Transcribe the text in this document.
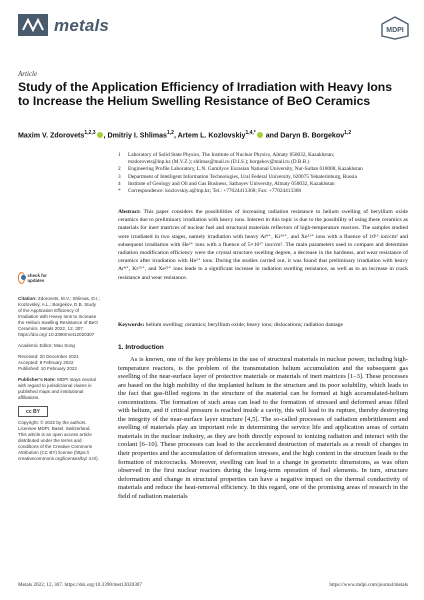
metals	MDPI
Article
Study of the Application Efficiency of Irradiation with Heavy Ions to Increase the Helium Swelling Resistance of BeO Ceramics
Maxim V. Zdorovets$^{1,2,3}$ , Dmitriy I. Shlimas$^{1,2}$, Artem L. Kozlovskiy$^{1,4,*}$ and Daryn B. Borgekov$^{1,2}$
1	Laboratory of Solid State Physics, The Institute of Nuclear Physics, Almaty 050032, Kazakhstan;
mzdorovets@inp.kz (M.V.Z.); shlimas@mail.ru (D.I.S.); borgekov@mail.ru (D.B.B.)
2	Engineering Profile Laboratory, L.N. Gumilyov Eurasian National University, Nur-Sultan 010008, Kazakhstan
3	Department of Intelligent Information Technologies, Ural Federal University, 620075 Yekaterinburg, Russia
4	Institute of Geology and Oil and Gas Business, Satbayev University, Almaty 050032, Kazakhstan
*	Correspondence: kozlovskiy.a@inp.kz; Tel.: +77024413368; Fax: +77024413368
Abstract: This paper considers the possibilities of increasing radiation resistance to helium swelling of beryllium oxide ceramics due to preliminary irradiation with heavy ions. Interest in this topic is due to the possibility of using these ceramics as materials for inert matrices of nuclear fuel and structural materials reflectors of high-temperature reactors. The samples studied were irradiated in two stages, namely irradiation with heavy Ar⁸⁺, Kr¹⁵⁺, and Xe²²⁺ ions with a fluence of 10¹³ ion/cm² and subsequent irradiation with He²⁺ ions with a fluence of 5×10¹⁷ ion/cm². The main parameters used to compare and determine radiation modification efficiency were the crystal structure swelling degree, a decrease in the hardness, and wear resistance of ceramics after irradiation with He²⁺ ions. During the studies carried out, it was found that preliminary irradiation with heavy Ar⁸⁺, Kr¹⁵⁺, and Xe²²⁺ ions leads to a significant increase in radiation swelling resistance, as well as to an increase in crack resistance and wear resistance.
Keywords: helium swelling; ceramics; beryllium oxide; heavy ions; dislocations; radiation damage
check for updates
Citation: Zdorovets, M.V.; Shlimas, D.I.; Kozlovskiy, A.L.; Borgekov, D.B. Study of the Application Efficiency of Irradiation with Heavy Ions to Increase the Helium Swelling Resistance of BeO Ceramics. Metals 2022, 12, 307. https://doi.org/ 10.3390/met12020307
Academic Editor: Mao Song
Received: 20 December 2021
Accepted: 8 February 2022
Published: 10 February 2022
Publisher’s Note: MDPI stays neutral with regard to jurisdictional claims in published maps and institutional affiliations.
cc BY
Copyright: © 2022 by the authors. Licensee MDPI, Basel, Switzerland. This article is an open access article distributed under the terms and conditions of the Creative Commons Attribution (CC BY) license (https:// creativecommons.org/licenses/by/ 4.0/).
1. Introduction
As is known, one of the key problems in the use of structural materials in nuclear power, including high-temperature reactors, is the problem of the transmutation helium accumulation and the subsequent gas swelling of the near-surface layer of protective materials or materials of inert matrices [1–3]. These processes are based on the high mobility of the implanted helium in the structure and its poor solubility, which leads to the fact that gas-filled regions in the structure of the material can be formed at high accumulated-helium concentrations. The formation of such areas can lead to the formation of stressed and deformed areas filled with helium, and if critical pressure is reached inside a cavity, this will lead to its rupture, thereby destroying the integrity of the near-surface layer structure [4,5]. The so-called processes of radiation embrittlement and swelling of materials play an important role in determining the service life and application areas of certain materials in the nuclear industry, as they are both directly exposed to ionizing radiation and interact with the coolant [6–10]. These processes can lead to the accelerated destruction of materials as a result of changes in their properties and the accumulation of deformation stresses, and the high content in the structure leads to the formation of microcracks. Moreover, swelling can lead to a change in geometric dimensions, as was often observed in the first nuclear reactors during the long-term operation of fuel elements. In turn, structure deformation and change in structural properties can have a negative impact on the thermal conductivity of materials and reduce the heat-removal efficiency. In this regard, one of the promising areas of research in the field of radiation materials
Metals 2022, 12, 307. https://doi.org/10.3390/met12020307	https://www.mdpi.com/journal/metals
